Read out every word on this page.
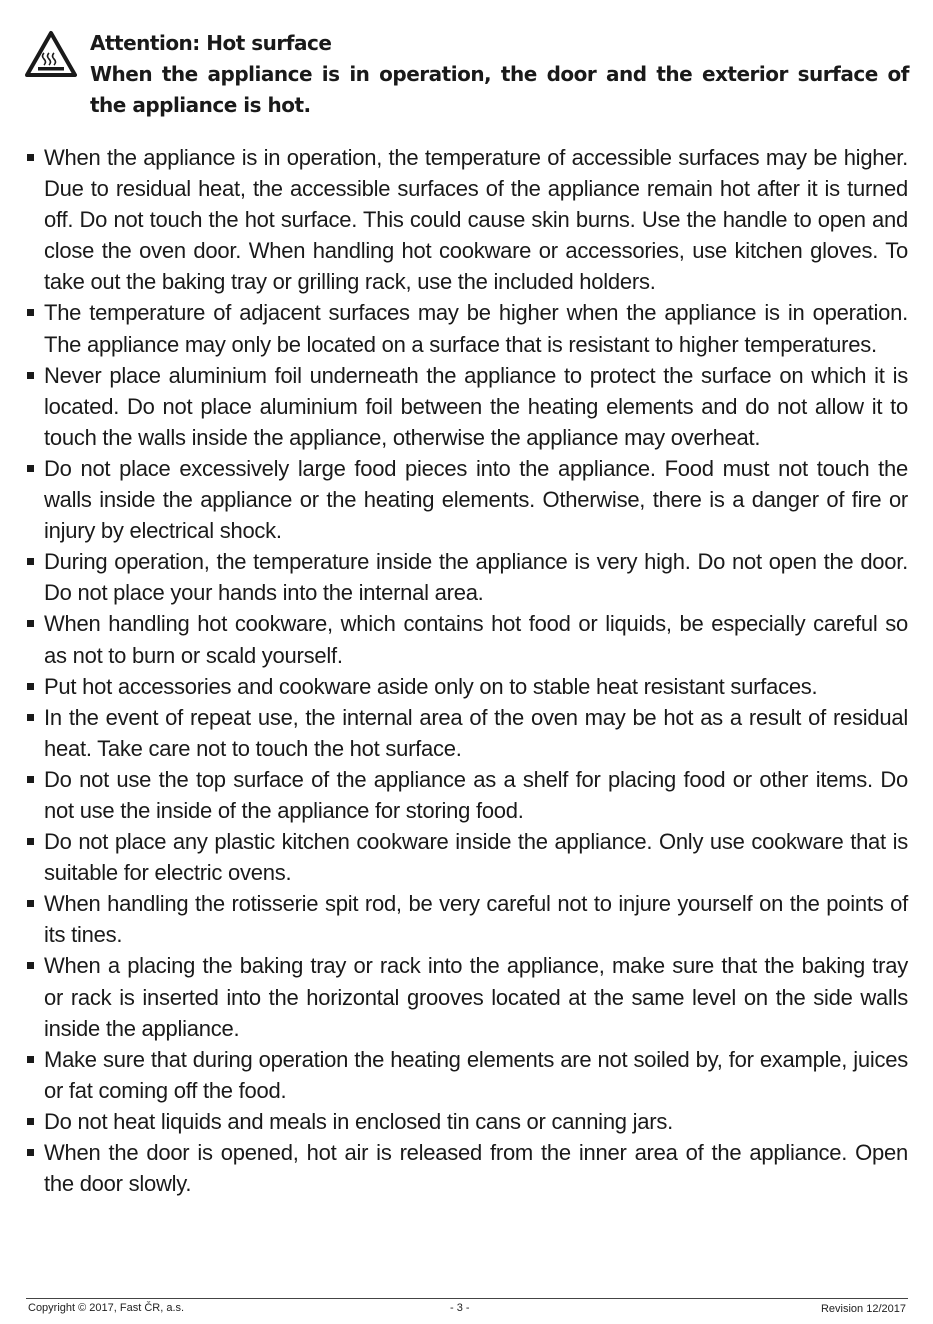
Attention: Hot surface
When the appliance is in operation, the door and the exterior surface of the appliance is hot.
When the appliance is in operation, the temperature of accessible surfaces may be higher. Due to residual heat, the accessible surfaces of the appliance remain hot after it is turned off. Do not touch the hot surface. This could cause skin burns. Use the handle to open and close the oven door. When handling hot cookware or accessories, use kitchen gloves. To take out the baking tray or grilling rack, use the included holders.
The temperature of adjacent surfaces may be higher when the appliance is in operation. The appliance may only be located on a surface that is resistant to higher temperatures.
Never place aluminium foil underneath the appliance to protect the surface on which it is located. Do not place aluminium foil between the heating elements and do not allow it to touch the walls inside the appliance, otherwise the appliance may overheat.
Do not place excessively large food pieces into the appliance. Food must not touch the walls inside the appliance or the heating elements. Otherwise, there is a danger of fire or injury by electrical shock.
During operation, the temperature inside the appliance is very high. Do not open the door. Do not place your hands into the internal area.
When handling hot cookware, which contains hot food or liquids, be especially careful so as not to burn or scald yourself.
Put hot accessories and cookware aside only on to stable heat resistant surfaces.
In the event of repeat use, the internal area of the oven may be hot as a result of residual heat. Take care not to touch the hot surface.
Do not use the top surface of the appliance as a shelf for placing food or other items. Do not use the inside of the appliance for storing food.
Do not place any plastic kitchen cookware inside the appliance. Only use cookware that is suitable for electric ovens.
When handling the rotisserie spit rod, be very careful not to injure yourself on the points of its tines.
When a placing the baking tray or rack into the appliance, make sure that the baking tray or rack is inserted into the horizontal grooves located at the same level on the side walls inside the appliance.
Make sure that during operation the heating elements are not soiled by, for example, juices or fat coming off the food.
Do not heat liquids and meals in enclosed tin cans or canning jars.
When the door is opened, hot air is released from the inner area of the appliance. Open the door slowly.
Copyright © 2017, Fast ČR, a.s.	- 3 -	Revision 12/2017
